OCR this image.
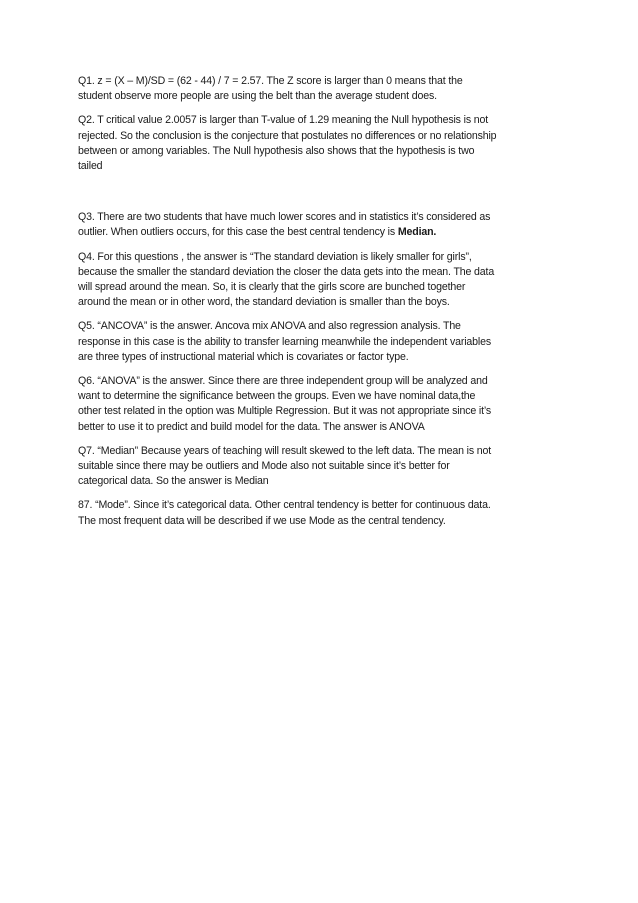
Q1. z = (X – M)/SD = (62 - 44) / 7 = 2.57. The Z score is larger than 0 means that the
student observe more people are using the belt than the average student does.

Q2. T critical value 2.0057 is larger than T-value of 1.29 meaning the Null hypothesis is not
rejected. So the conclusion is the conjecture that postulates no differences or no relationship
between or among variables. The Null hypothesis also shows that the hypothesis is two
tailed

Q3. There are two students that have much lower scores and in statistics it’s considered as
outlier. When outliers occurs, for this case the best central tendency is Median.

Q4. For this questions , the answer is “The standard deviation is likely smaller for girls”,
because the smaller the standard deviation the closer the data gets into the mean. The data
will spread around the mean. So, it is clearly that the girls score are bunched together
around the mean or in other word, the standard deviation is smaller than the boys.

Q5. “ANCOVA” is the answer. Ancova mix ANOVA and also regression analysis. The
response in this case is the ability to transfer learning meanwhile the independent variables
are three types of instructional material which is covariates or factor type.

Q6. “ANOVA” is the answer. Since there are three independent group will be analyzed and
want to determine the significance between the groups. Even we have nominal data,the
other test related in the option was Multiple Regression. But it was not appropriate since it’s
better to use it to predict and build model for the data. The answer is ANOVA

Q7. “Median” Because years of teaching will result skewed to the left data. The mean is not
suitable since there may be outliers and Mode also not suitable since it’s better for
categorical data. So the answer is Median

87. “Mode”. Since it’s categorical data. Other central tendency is better for continuous data.
The most frequent data will be described if we use Mode as the central tendency.
